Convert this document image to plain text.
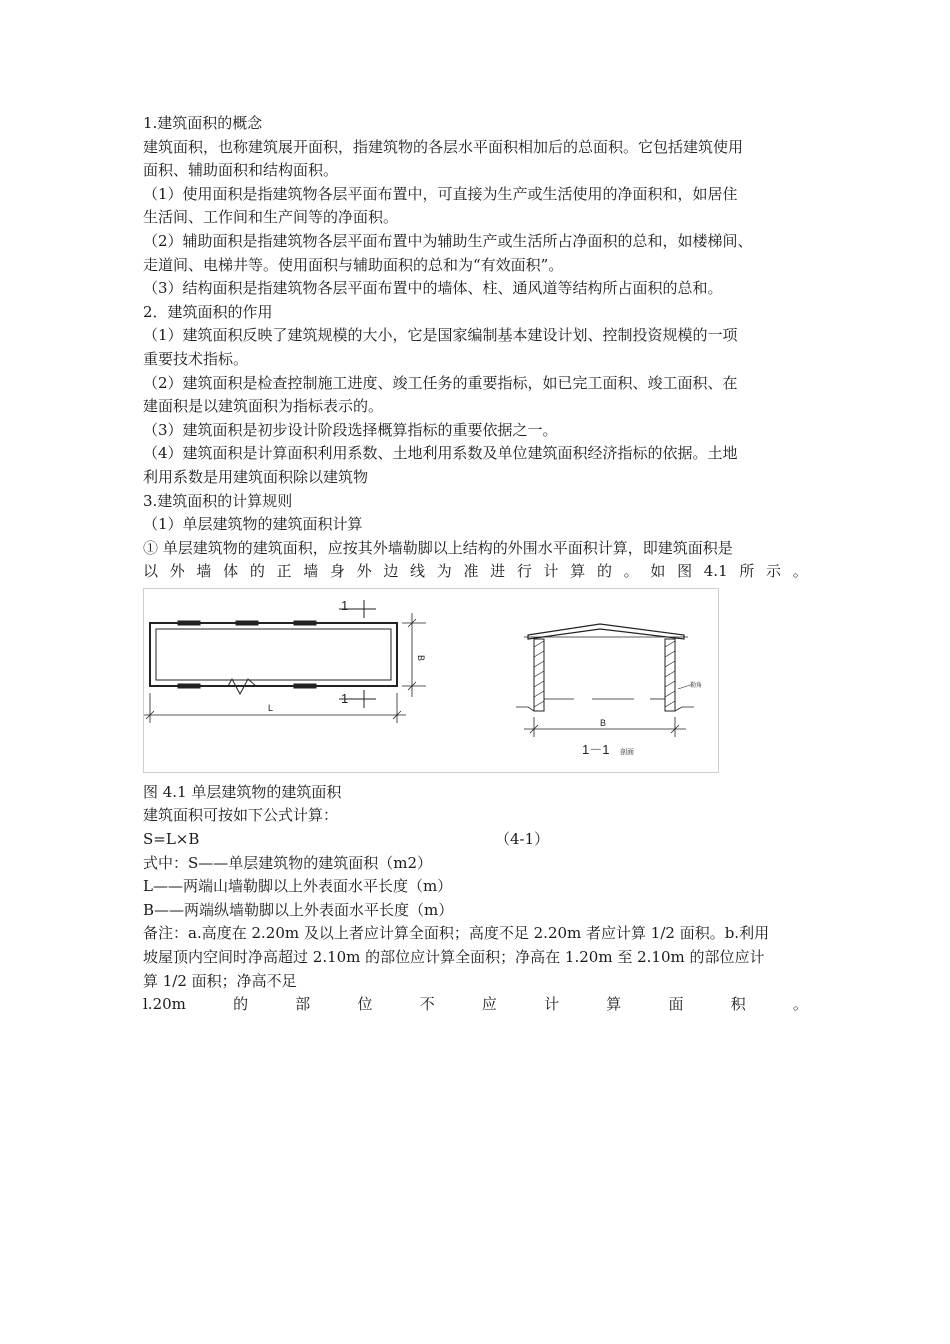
1.建筑面积的概念
建筑面积，也称建筑展开面积，指建筑物的各层水平面积相加后的总面积。它包括建筑使用
面积、辅助面积和结构面积。
（1）使用面积是指建筑物各层平面布置中，可直接为生产或生活使用的净面积和，如居住
生活间、工作间和生产间等的净面积。
（2）辅助面积是指建筑物各层平面布置中为辅助生产或生活所占净面积的总和，如楼梯间、
走道间、电梯井等。使用面积与辅助面积的总和为“有效面积”。
（3）结构面积是指建筑物各层平面布置中的墙体、柱、通风道等结构所占面积的总和。
2．建筑面积的作用
（1）建筑面积反映了建筑规模的大小，它是国家编制基本建设计划、控制投资规模的一项
重要技术指标。
（2）建筑面积是检查控制施工进度、竣工任务的重要指标，如已完工面积、竣工面积、在
建面积是以建筑面积为指标表示的。
（3）建筑面积是初步设计阶段选择概算指标的重要依据之一。
（4）建筑面积是计算面积利用系数、土地利用系数及单位建筑面积经济指标的依据。土地
利用系数是用建筑面积除以建筑物
3.建筑面积的计算规则
（1）单层建筑物的建筑面积计算
① 单层建筑物的建筑面积，应按其外墙勒脚以上结构的外围水平面积计算，即建筑面积是
以 外 墙 体 的 正 墙 身 外 边 线 为 准 进 行 计 算 的 。 如 图 4.1 所 示 。
1
1
B
L
B
勒角
1－1 剖面
图 4.1 单层建筑物的建筑面积
建筑面积可按如下公式计算：
S=L×B	（4-1）
式中：S——单层建筑物的建筑面积（m2）
L——两端山墙勒脚以上外表面水平长度（m）
B——两端纵墙勒脚以上外表面水平长度（m）
备注：a.高度在 2.20m 及以上者应计算全面积；高度不足 2.20m 者应计算 1/2 面积。b.利用
坡屋顶内空间时净高超过 2.10m 的部位应计算全面积；净高在 1.20m 至 2.10m 的部位应计
算 1/2 面积；净高不足
l.20m	的	部	位	不	应	计	算	面	积	。
